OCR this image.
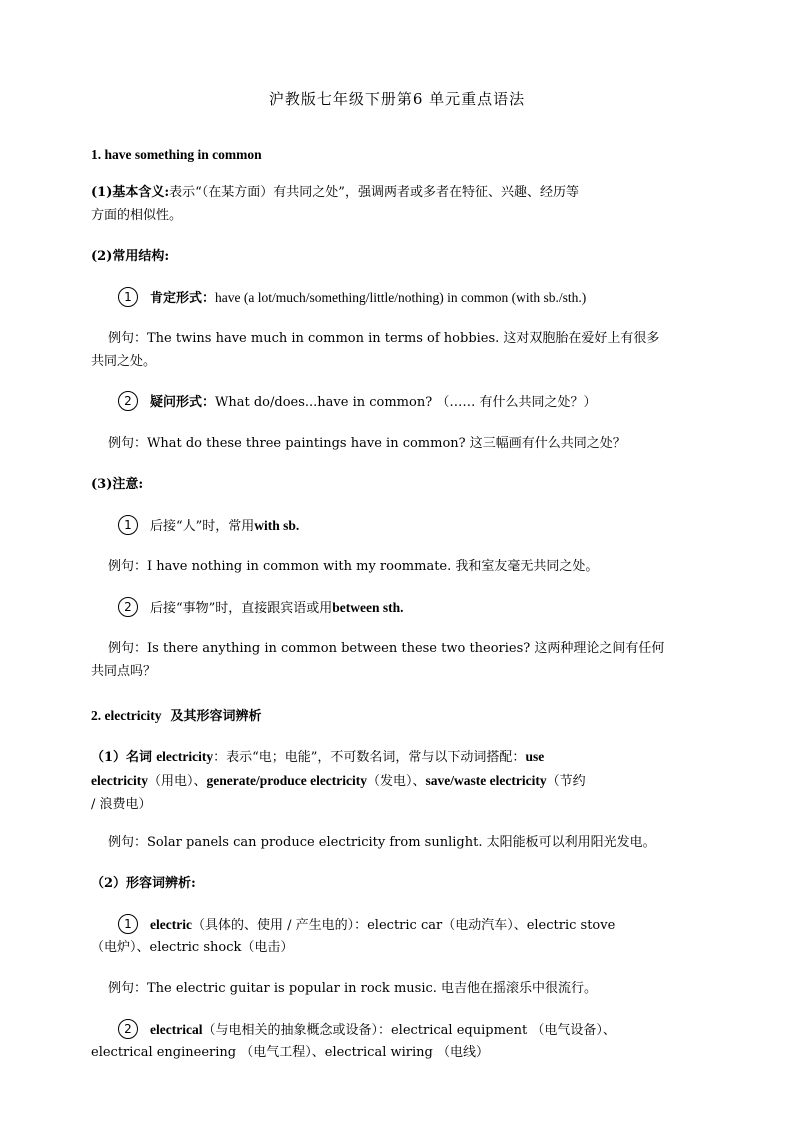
沪教版七年级下册第6 单元重点语法
1. have something in common
(1)基本含义:表示“（在某方面）有共同之处”，强调两者或多者在特征、兴趣、经历等
方面的相似性。
(2)常用结构:
1 肯定形式：have (a lot/much/something/little/nothing) in common (with sb./sth.)
例句：The twins have much in common in terms of hobbies. 这对双胞胎在爱好上有很多
共同之处。
2 疑问形式：What do/does...have in common? （…… 有什么共同之处？）
例句：What do these three paintings have in common? 这三幅画有什么共同之处？
(3)注意:
1 后接“人”时，常用with sb.
例句：I have nothing in common with my roommate. 我和室友毫无共同之处。
2 后接“事物”时，直接跟宾语或用between sth.
例句：Is there anything in common between these two theories? 这两种理论之间有任何
共同点吗？
2. electricity 及其形容词辨析
（1）名词 electricity：表示“电；电能”，不可数名词，常与以下动词搭配：use
electricity（用电）、generate/produce electricity（发电）、save/waste electricity（节约
/ 浪费电）
例句：Solar panels can produce electricity from sunlight. 太阳能板可以利用阳光发电。
（2）形容词辨析:
1 electric（具体的、使用 / 产生电的）：electric car（电动汽车）、electric stove
（电炉）、electric shock（电击）
例句：The electric guitar is popular in rock music. 电吉他在摇滚乐中很流行。
2 electrical（与电相关的抽象概念或设备）：electrical equipment （电气设备）、
electrical engineering （电气工程）、electrical wiring （电线）
